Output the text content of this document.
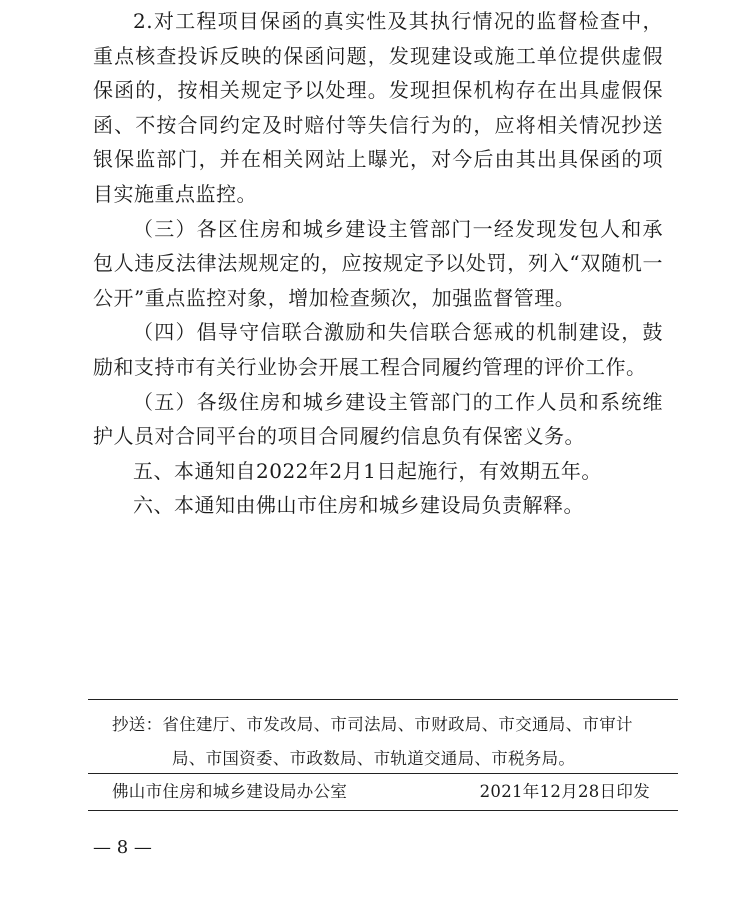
2.对工程项目保函的真实性及其执行情况的监督检查中，重点核查投诉反映的保函问题，发现建设或施工单位提供虚假保函的，按相关规定予以处理。发现担保机构存在出具虚假保函、不按合同约定及时赔付等失信行为的，应将相关情况抄送银保监部门，并在相关网站上曝光，对今后由其出具保函的项目实施重点监控。

（三）各区住房和城乡建设主管部门一经发现发包人和承包人违反法律法规规定的，应按规定予以处罚，列入“双随机一公开”重点监控对象，增加检查频次，加强监督管理。

（四）倡导守信联合激励和失信联合惩戒的机制建设，鼓励和支持市有关行业协会开展工程合同履约管理的评价工作。

（五）各级住房和城乡建设主管部门的工作人员和系统维护人员对合同平台的项目合同履约信息负有保密义务。

五、本通知自2022年2月1日起施行，有效期五年。

六、本通知由佛山市住房和城乡建设局负责解释。

抄送：省住建厅、市发改局、市司法局、市财政局、市交通局、市审计
局、市国资委、市政数局、市轨道交通局、市税务局。
佛山市住房和城乡建设局办公室	2021年12月28日印发
— 8 —
